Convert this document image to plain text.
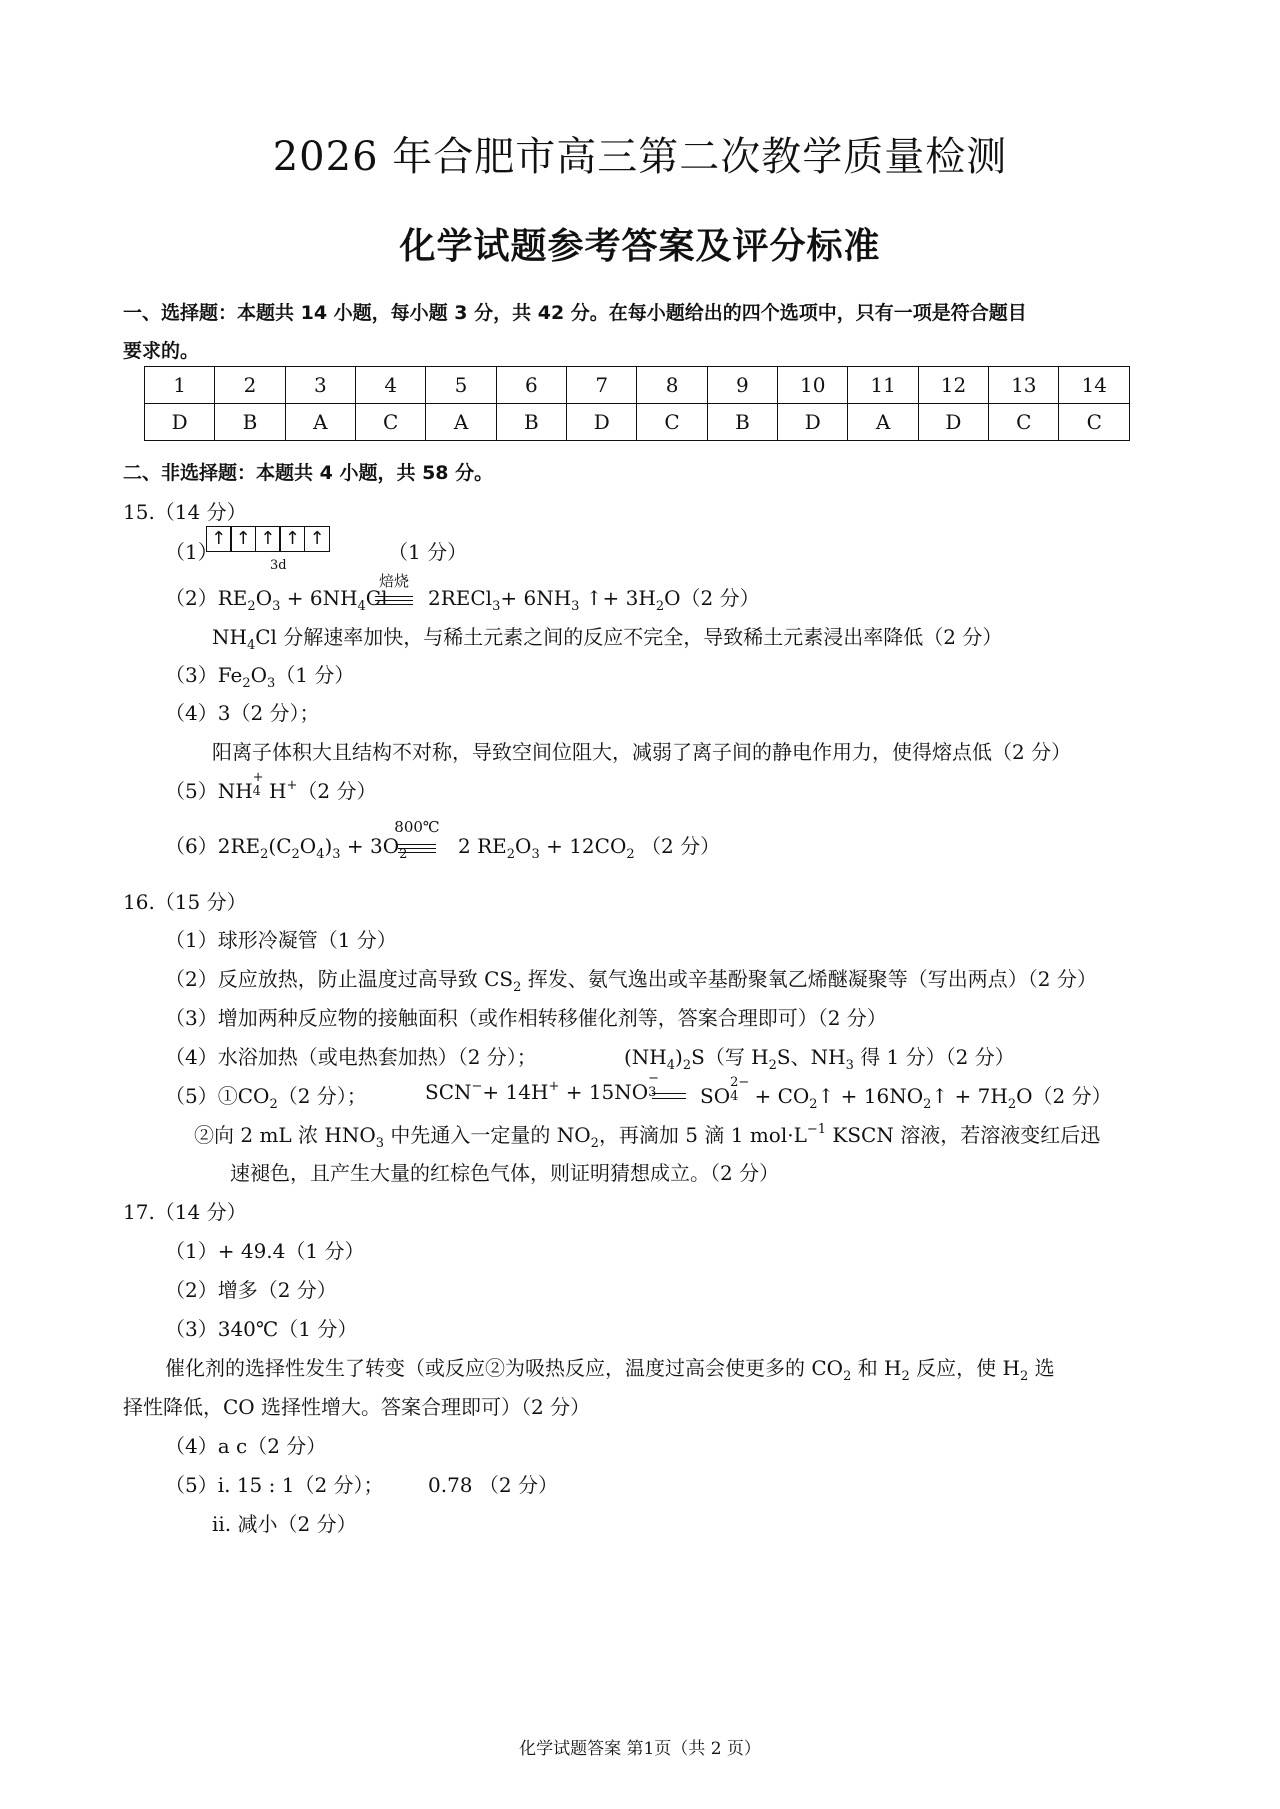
2026 年合肥市高三第二次教学质量检测
化学试题参考答案及评分标准
一、选择题：本题共 14 小题，每小题 3 分，共 42 分。在每小题给出的四个选项中，只有一项是符合题目
要求的。
1	2	3	4	5	6	7	8	9	10	11	12	13	14
D	B	A	C	A	B	D	C	B	D	A	D	C	C
二、非选择题：本题共 4 小题，共 58 分。
15.（14 分）
（1）
↑ ↑ ↑ ↑ ↑
3d
（1 分）
$(2)RE_2O_3 + 6NH_4Cl$
焙烧
2RECl$_3$+ $6NH_3$ ↑+ $3H_2O(2$ 分）
$NH_4Cl$ 分解速率加快，与稀土元素之间的反应不完全，导致稀土元素浸出率降低（2 分）
$(3)Fe_2O_3(1$ 分）
（4）3（2 分）；
阳离子体积大且结构不对称，导致空间位阻大，减弱了离子间的静电作用力，使得熔点低（2 分）
（5）NH
+
4 H+（2 分）
$(6)2RE_2(C_2O_4)_3 + 3O_2$
800℃
2 $RE_2O_3 + 12CO_2$ （2 分）
16.（15 分）
（1）球形冷凝管（1 分）
（2）反应放热，防止温度过高导致 $CS_2$ 挥发、氨气逸出或辛基酚聚氧乙烯醚凝聚等（写出两点）（2 分）
（3）增加两种反应物的接触面积（或作相转移催化剂等，答案合理即可）（2 分）
（4）水浴加热（或电热套加热）（2 分）；	$(NH_4)_2S$（写 $H_2S$、$NH_3$ 得 1 分）（2 分）
$(5)①CO_2(2$ 分）；	SCN−+ 14H+ + 15NO
−
3
SO
2−
$4 + CO_2↑$ + $16NO_2↑ + 7H_2O(2$ 分）
②向 2 mL 浓 $HNO_3$ 中先通入一定量的 $NO_2$，再滴加 5 滴 1 $mol\cdot L^{-1}$ KSCN 溶液，若溶液变红后迅
速褪色，且产生大量的红棕色气体，则证明猜想成立。（2 分）
17.（14 分）
（1）+ 49.4（1 分）
（2）增多（2 分）
（3）340℃（1 分）
催化剂的选择性发生了转变（或反应②为吸热反应，温度过高会使更多的 $CO_2$ 和 $H_2$ 反应，使 $H_2$ 选
择性降低，CO 选择性增大。答案合理即可）（2 分）
（4）a c（2 分）
（5）i. 15 : 1（2 分）； 0.78 （2 分）
ii. 减小（2 分）
化学试题答案 第1页（共 2 页）
